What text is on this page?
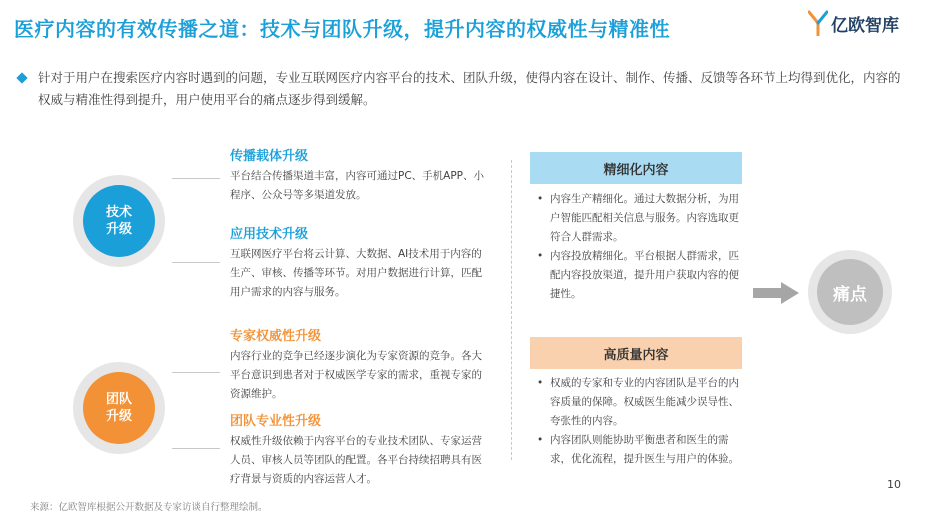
医疗内容的有效传播之道：技术与团队升级，提升内容的权威性与精准性	亿欧智库
针对于用户在搜索医疗内容时遇到的问题，专业互联网医疗内容平台的技术、团队升级，使得内容在设计、制作、传播、反馈等各环节上均得到优化，内容的权威与精准性得到提升，用户使用平台的痛点逐步得到缓解。
技术
升级
传播载体升级
平台结合传播渠道丰富，内容可通过PC、手机APP、小程序、公众号等多渠道发放。
应用技术升级
互联网医疗平台将云计算、大数据、AI技术用于内容的生产、审核、传播等环节。对用户数据进行计算，匹配用户需求的内容与服务。
团队
升级
专家权威性升级
内容行业的竞争已经逐步演化为专家资源的竞争。各大平台意识到患者对于权威医学专家的需求，重视专家的资源维护。
团队专业性升级
权威性升级依赖于内容平台的专业技术团队、专家运营人员、审核人员等团队的配置。各平台持续招聘具有医疗背景与资质的内容运营人才。
精细化内容
• 内容生产精细化。通过大数据分析，为用户智能匹配相关信息与服务。内容选取更符合人群需求。
• 内容投放精细化。平台根据人群需求，匹配内容投放渠道，提升用户获取内容的便捷性。
高质量内容
• 权威的专家和专业的内容团队是平台的内容质量的保障。权威医生能减少误导性、夸张性的内容。
• 内容团队则能协助平衡患者和医生的需求，优化流程，提升医生与用户的体验。
痛点
10
来源：亿欧智库根据公开数据及专家访谈自行整理绘制。
